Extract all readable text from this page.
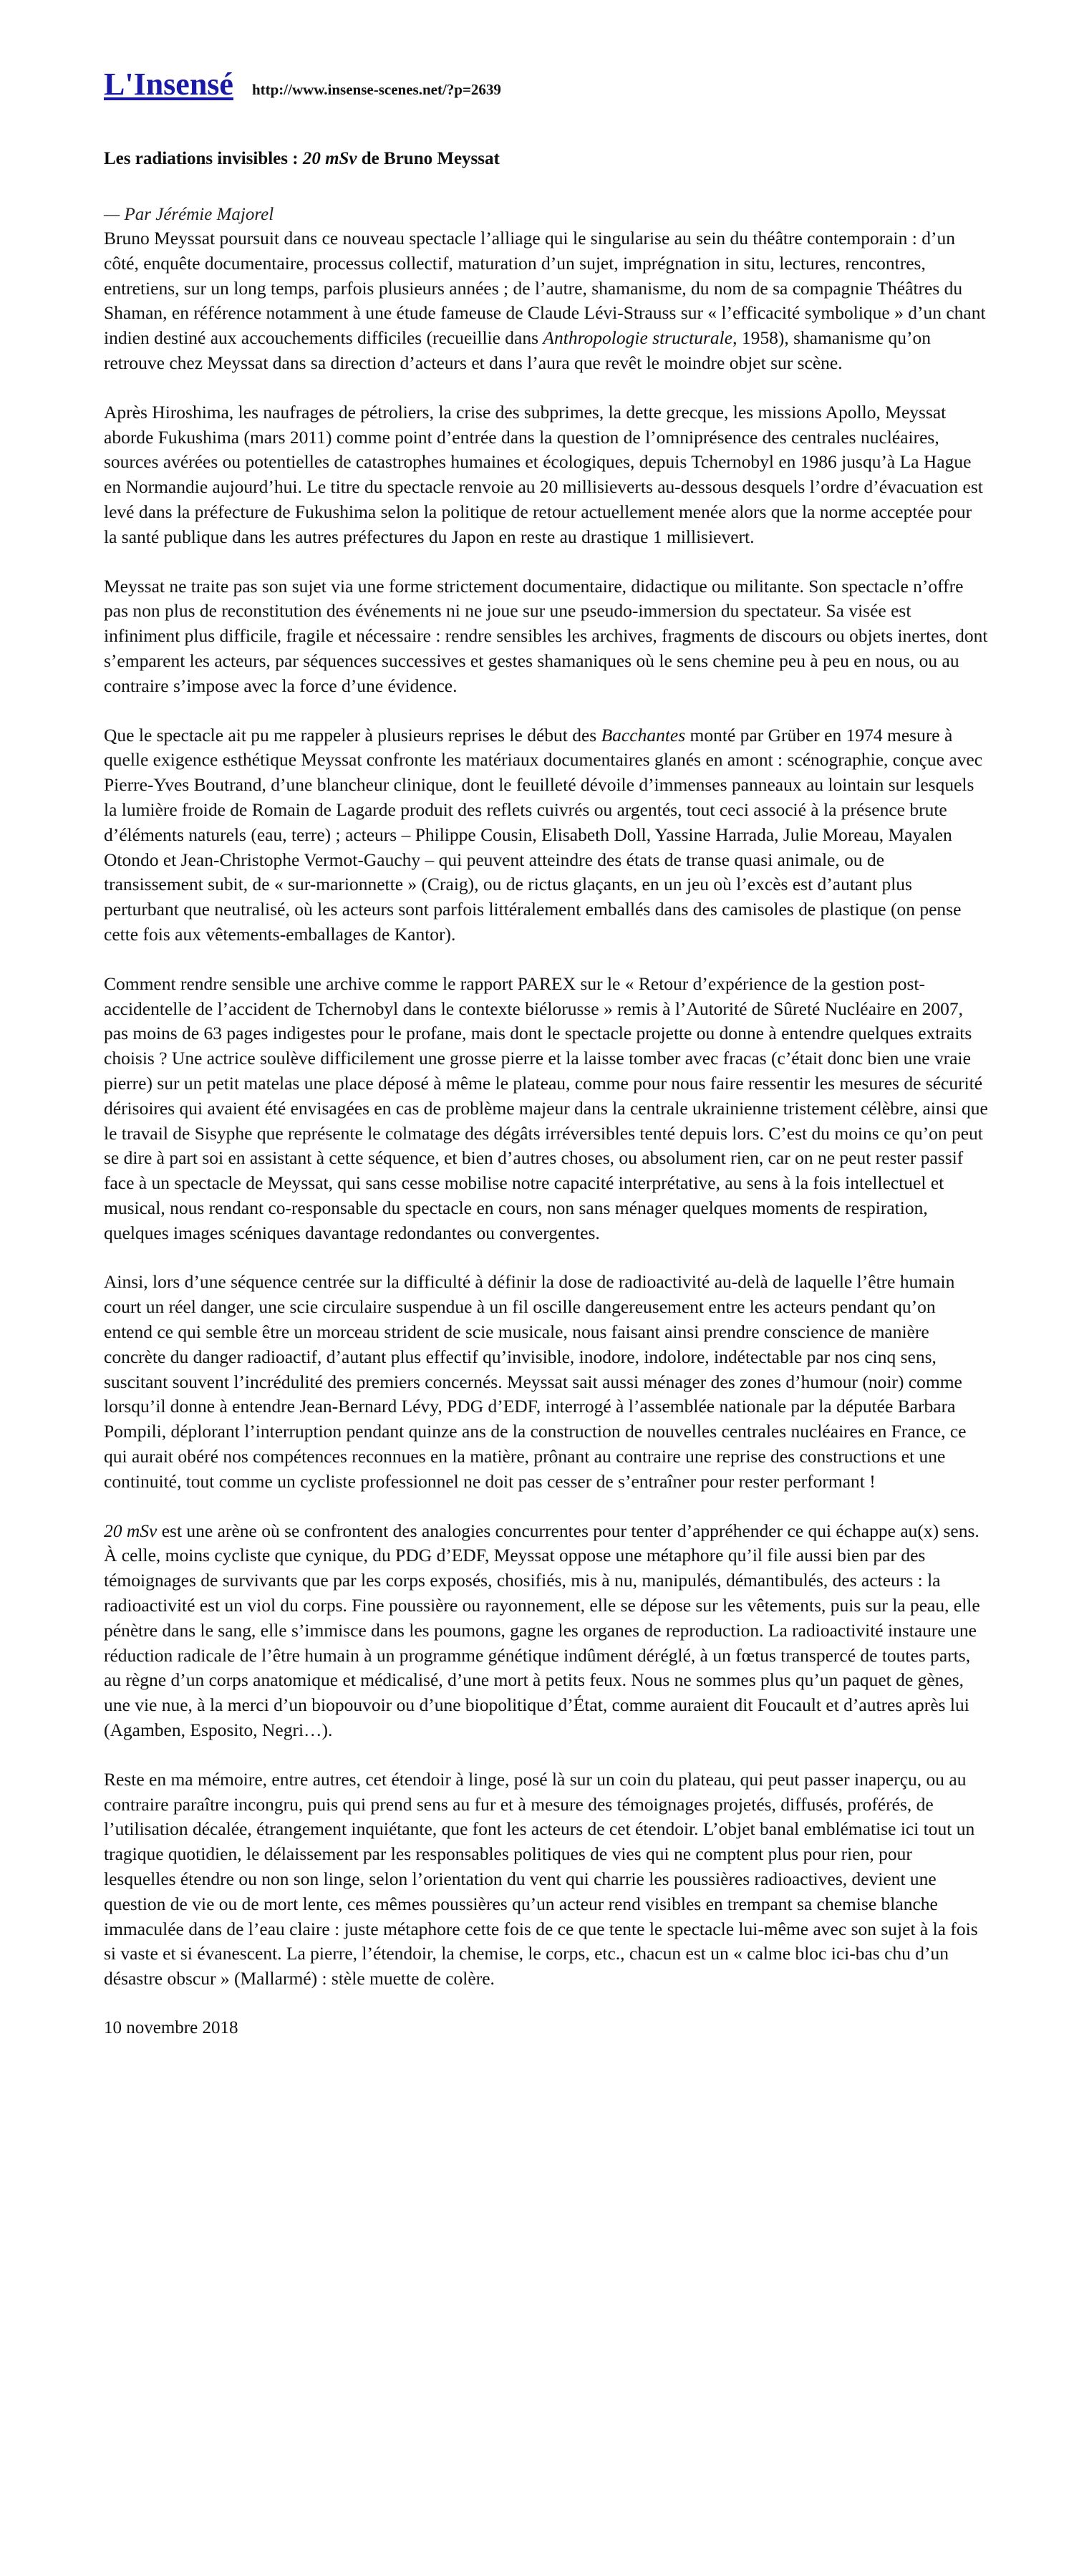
L'Insensé http://www.insense-scenes.net/?p=2639
Les radiations invisibles : 20 mSv de Bruno Meyssat
— Par Jérémie Majorel

Bruno Meyssat poursuit dans ce nouveau spectacle l’alliage qui le singularise au sein du théâtre contemporain : d’un côté, enquête documentaire, processus collectif, maturation d’un sujet, imprégnation in situ, lectures, rencontres, entretiens, sur un long temps, parfois plusieurs années ; de l’autre, shamanisme, du nom de sa compagnie Théâtres du Shaman, en référence notamment à une étude fameuse de Claude Lévi-Strauss sur « l’efficacité symbolique » d’un chant indien destiné aux accouchements difficiles (recueillie dans Anthropologie structurale, 1958), shamanisme qu’on retrouve chez Meyssat dans sa direction d’acteurs et dans l’aura que revêt le moindre objet sur scène.

Après Hiroshima, les naufrages de pétroliers, la crise des subprimes, la dette grecque, les missions Apollo, Meyssat aborde Fukushima (mars 2011) comme point d’entrée dans la question de l’omniprésence des centrales nucléaires, sources avérées ou potentielles de catastrophes humaines et écologiques, depuis Tchernobyl en 1986 jusqu’à La Hague en Normandie aujourd’hui. Le titre du spectacle renvoie au 20 millisieverts au-dessous desquels l’ordre d’évacuation est levé dans la préfecture de Fukushima selon la politique de retour actuellement menée alors que la norme acceptée pour la santé publique dans les autres préfectures du Japon en reste au drastique 1 millisievert.

Meyssat ne traite pas son sujet via une forme strictement documentaire, didactique ou militante. Son spectacle n’offre pas non plus de reconstitution des événements ni ne joue sur une pseudo-immersion du spectateur. Sa visée est infiniment plus difficile, fragile et nécessaire : rendre sensibles les archives, fragments de discours ou objets inertes, dont s’emparent les acteurs, par séquences successives et gestes shamaniques où le sens chemine peu à peu en nous, ou au contraire s’impose avec la force d’une évidence.

Que le spectacle ait pu me rappeler à plusieurs reprises le début des Bacchantes monté par Grüber en 1974 mesure à quelle exigence esthétique Meyssat confronte les matériaux documentaires glanés en amont : scénographie, conçue avec Pierre-Yves Boutrand, d’une blancheur clinique, dont le feuilleté dévoile d’immenses panneaux au lointain sur lesquels la lumière froide de Romain de Lagarde produit des reflets cuivrés ou argentés, tout ceci associé à la présence brute d’éléments naturels (eau, terre) ; acteurs – Philippe Cousin, Elisabeth Doll, Yassine Harrada, Julie Moreau, Mayalen Otondo et Jean-Christophe Vermot-Gauchy – qui peuvent atteindre des états de transe quasi animale, ou de transissement subit, de « sur-marionnette » (Craig), ou de rictus glaçants, en un jeu où l’excès est d’autant plus perturbant que neutralisé, où les acteurs sont parfois littéralement emballés dans des camisoles de plastique (on pense cette fois aux vêtements-emballages de Kantor).

Comment rendre sensible une archive comme le rapport PAREX sur le « Retour d’expérience de la gestion post-accidentelle de l’accident de Tchernobyl dans le contexte biélorusse » remis à l’Autorité de Sûreté Nucléaire en 2007, pas moins de 63 pages indigestes pour le profane, mais dont le spectacle projette ou donne à entendre quelques extraits choisis ? Une actrice soulève difficilement une grosse pierre et la laisse tomber avec fracas (c’était donc bien une vraie pierre) sur un petit matelas une place déposé à même le plateau, comme pour nous faire ressentir les mesures de sécurité dérisoires qui avaient été envisagées en cas de problème majeur dans la centrale ukrainienne tristement célèbre, ainsi que le travail de Sisyphe que représente le colmatage des dégâts irréversibles tenté depuis lors. C’est du moins ce qu’on peut se dire à part soi en assistant à cette séquence, et bien d’autres choses, ou absolument rien, car on ne peut rester passif face à un spectacle de Meyssat, qui sans cesse mobilise notre capacité interprétative, au sens à la fois intellectuel et musical, nous rendant co-responsable du spectacle en cours, non sans ménager quelques moments de respiration, quelques images scéniques davantage redondantes ou convergentes.

Ainsi, lors d’une séquence centrée sur la difficulté à définir la dose de radioactivité au-delà de laquelle l’être humain court un réel danger, une scie circulaire suspendue à un fil oscille dangereusement entre les acteurs pendant qu’on entend ce qui semble être un morceau strident de scie musicale, nous faisant ainsi prendre conscience de manière concrète du danger radioactif, d’autant plus effectif qu’invisible, inodore, indolore, indétectable par nos cinq sens, suscitant souvent l’incrédulité des premiers concernés. Meyssat sait aussi ménager des zones d’humour (noir) comme lorsqu’il donne à entendre Jean-Bernard Lévy, PDG d’EDF, interrogé à l’assemblée nationale par la députée Barbara Pompili, déplorant l’interruption pendant quinze ans de la construction de nouvelles centrales nucléaires en France, ce qui aurait obéré nos compétences reconnues en la matière, prônant au contraire une reprise des constructions et une continuité, tout comme un cycliste professionnel ne doit pas cesser de s’entraîner pour rester performant !

20 mSv est une arène où se confrontent des analogies concurrentes pour tenter d’appréhender ce qui échappe au(x) sens. À celle, moins cycliste que cynique, du PDG d’EDF, Meyssat oppose une métaphore qu’il file aussi bien par des témoignages de survivants que par les corps exposés, chosifiés, mis à nu, manipulés, démantibulés, des acteurs : la radioactivité est un viol du corps. Fine poussière ou rayonnement, elle se dépose sur les vêtements, puis sur la peau, elle pénètre dans le sang, elle s’immisce dans les poumons, gagne les organes de reproduction. La radioactivité instaure une réduction radicale de l’être humain à un programme génétique indûment déréglé, à un fœtus transpercé de toutes parts, au règne d’un corps anatomique et médicalisé, d’une mort à petits feux. Nous ne sommes plus qu’un paquet de gènes, une vie nue, à la merci d’un biopouvoir ou d’une biopolitique d’État, comme auraient dit Foucault et d’autres après lui (Agamben, Esposito, Negri…).

Reste en ma mémoire, entre autres, cet étendoir à linge, posé là sur un coin du plateau, qui peut passer inaperçu, ou au contraire paraître incongru, puis qui prend sens au fur et à mesure des témoignages projetés, diffusés, proférés, de l’utilisation décalée, étrangement inquiétante, que font les acteurs de cet étendoir. L’objet banal emblématise ici tout un tragique quotidien, le délaissement par les responsables politiques de vies qui ne comptent plus pour rien, pour lesquelles étendre ou non son linge, selon l’orientation du vent qui charrie les poussières radioactives, devient une question de vie ou de mort lente, ces mêmes poussières qu’un acteur rend visibles en trempant sa chemise blanche immaculée dans de l’eau claire : juste métaphore cette fois de ce que tente le spectacle lui-même avec son sujet à la fois si vaste et si évanescent. La pierre, l’étendoir, la chemise, le corps, etc., chacun est un « calme bloc ici-bas chu d’un désastre obscur » (Mallarmé) : stèle muette de colère.

10 novembre 2018
